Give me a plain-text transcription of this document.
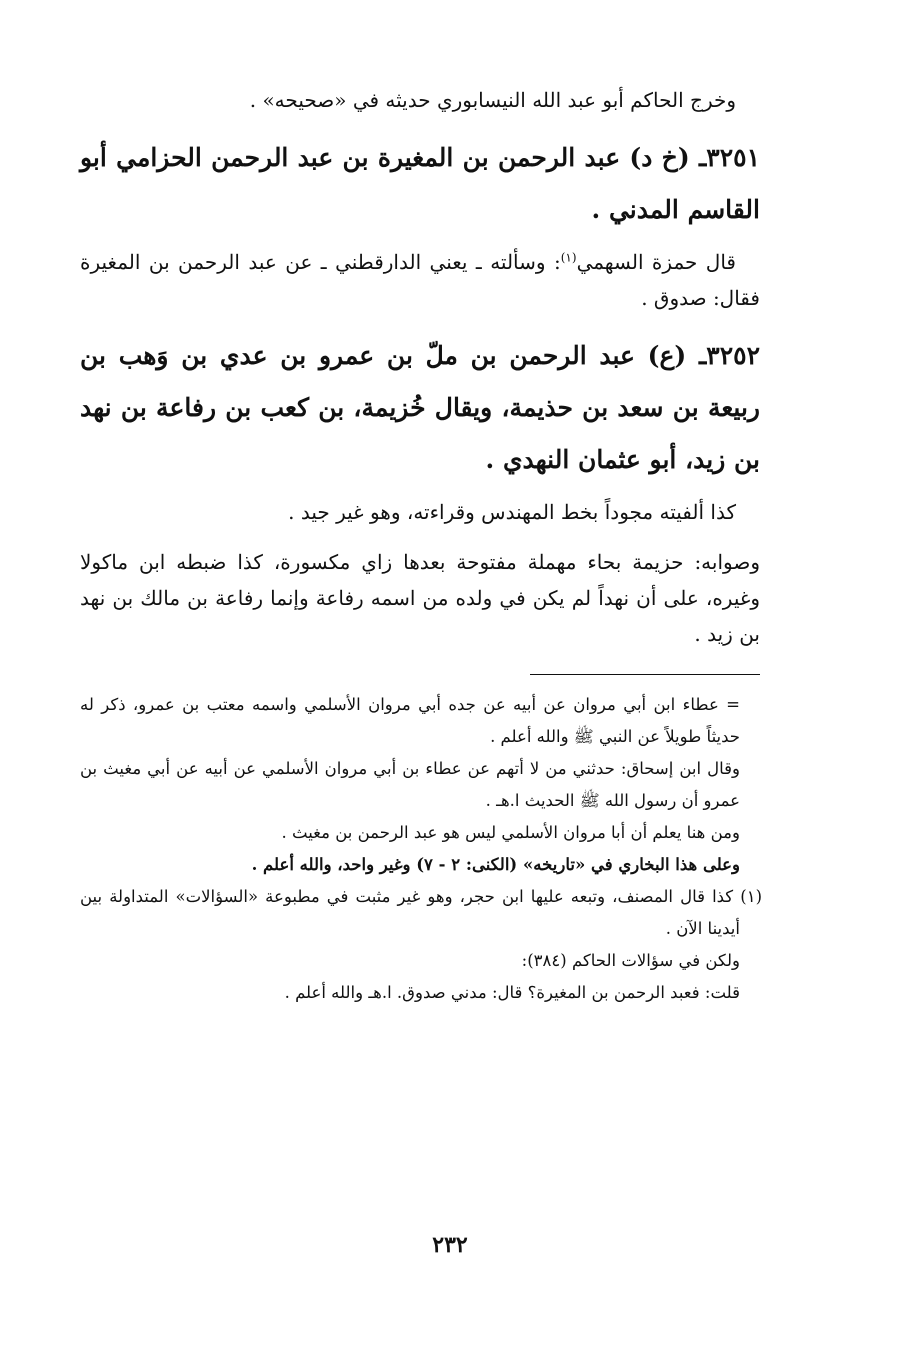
وخرج الحاكم أبو عبد الله النيسابوري حديثه في «صحيحه» .

٣٢٥١ـ (خ د) عبد الرحمن بن المغيرة بن عبد الرحمن الحزامي أبو القاسم المدني .

قال حمزة السهمي$^{(١)}$: وسألته ـ يعني الدارقطني ـ عن عبد الرحمن بن المغيرة فقال: صدوق .

٣٢٥٢ـ (ع) عبد الرحمن بن ملّ بن عمرو بن عدي بن وَهب بن ربيعة بن سعد بن حذيمة، ويقال خُزيمة، بن كعب بن رفاعة بن نهد بن زيد، أبو عثمان النهدي .

كذا ألفيته مجوداً بخط المهندس وقراءته، وهو غير جيد .

وصوابه: حزيمة بحاء مهملة مفتوحة بعدها زاي مكسورة، كذا ضبطه ابن ماكولا وغيره، على أن نهداً لم يكن في ولده من اسمه رفاعة وإنما رفاعة بن مالك بن نهد بن زيد .

= عطاء ابن أبي مروان عن أبيه عن جده أبي مروان الأسلمي واسمه معتب بن عمرو، ذكر له حديثاً طويلاً عن النبي ﷺ والله أعلم .

وقال ابن إسحاق: حدثني من لا أتهم عن عطاء بن أبي مروان الأسلمي عن أبيه عن أبي مغيث بن عمرو أن رسول الله ﷺ الحديث ا.هـ .

ومن هنا يعلم أن أبا مروان الأسلمي ليس هو عبد الرحمن بن مغيث .

وعلى هذا البخاري في «تاريخه» (الكنى: ٢ - ٧) وغير واحد، والله أعلم .

(١) كذا قال المصنف، وتبعه عليها ابن حجر، وهو غير مثبت في مطبوعة «السؤالات» المتداولة بين أيدينا الآن .

ولكن في سؤالات الحاكم (٣٨٤):

قلت: فعبد الرحمن بن المغيرة؟ قال: مدني صدوق. ا.هـ والله أعلم .

٢٣٢
